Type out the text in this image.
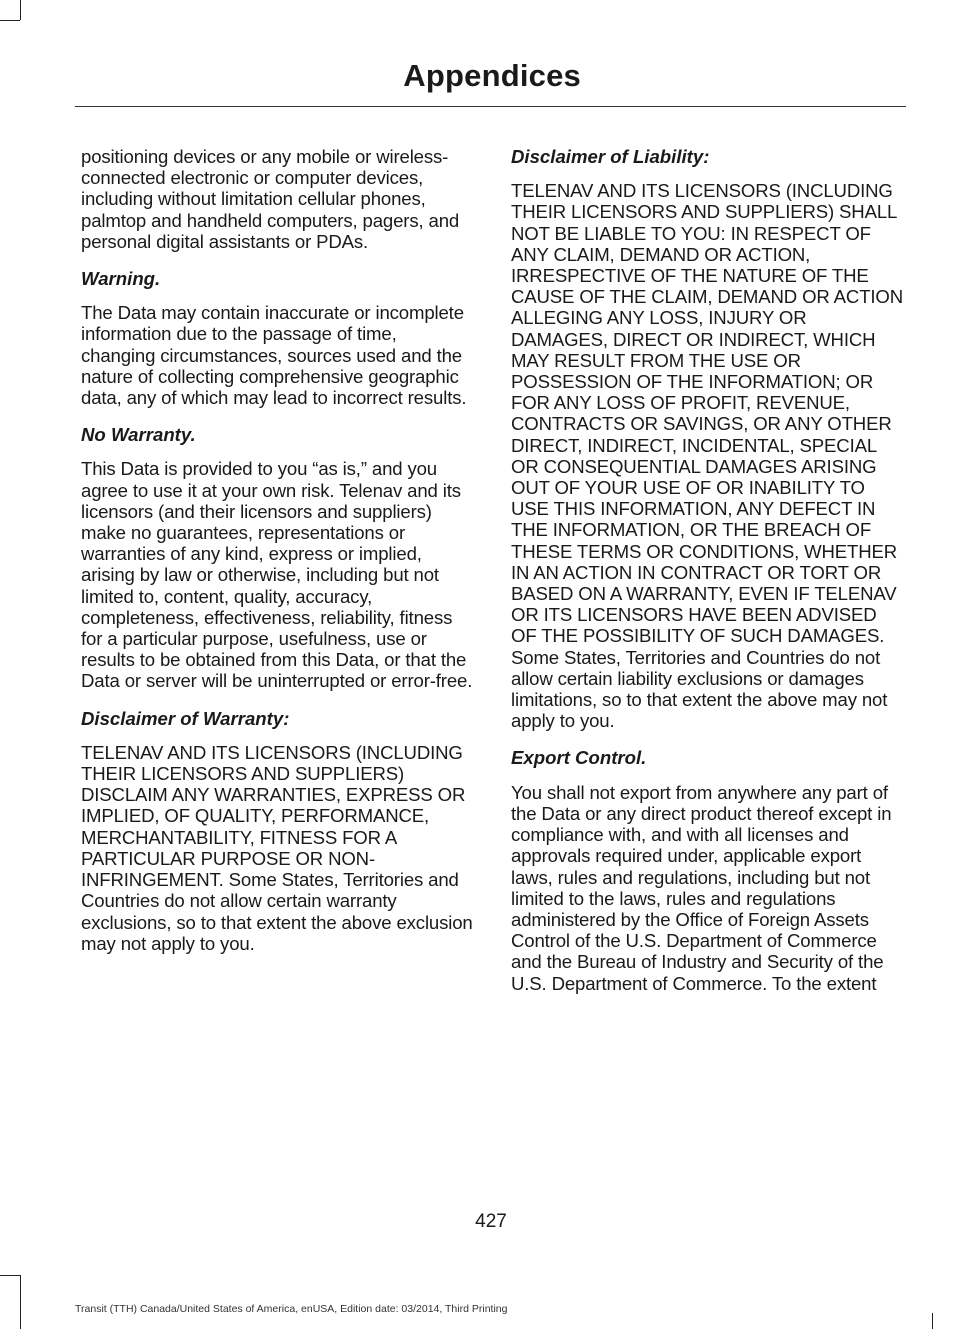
Appendices

positioning devices or any mobile or wireless-connected electronic or computer devices, including without limitation cellular phones, palmtop and handheld computers, pagers, and personal digital assistants or PDAs.

Warning.

The Data may contain inaccurate or incomplete information due to the passage of time, changing circumstances, sources used and the nature of collecting comprehensive geographic data, any of which may lead to incorrect results.

No Warranty.

This Data is provided to you “as is,” and you agree to use it at your own risk. Telenav and its licensors (and their licensors and suppliers) make no guarantees, representations or warranties of any kind, express or implied, arising by law or otherwise, including but not limited to, content, quality, accuracy, completeness, effectiveness, reliability, fitness for a particular purpose, usefulness, use or results to be obtained from this Data, or that the Data or server will be uninterrupted or error-free.

Disclaimer of Warranty:

TELENAV AND ITS LICENSORS (INCLUDING THEIR LICENSORS AND SUPPLIERS) DISCLAIM ANY WARRANTIES, EXPRESS OR IMPLIED, OF QUALITY, PERFORMANCE, MERCHANTABILITY, FITNESS FOR A PARTICULAR PURPOSE OR NON-INFRINGEMENT. Some States, Territories and Countries do not allow certain warranty exclusions, so to that extent the above exclusion may not apply to you.

Disclaimer of Liability:

TELENAV AND ITS LICENSORS (INCLUDING THEIR LICENSORS AND SUPPLIERS) SHALL NOT BE LIABLE TO YOU: IN RESPECT OF ANY CLAIM, DEMAND OR ACTION, IRRESPECTIVE OF THE NATURE OF THE CAUSE OF THE CLAIM, DEMAND OR ACTION ALLEGING ANY LOSS, INJURY OR DAMAGES, DIRECT OR INDIRECT, WHICH MAY RESULT FROM THE USE OR POSSESSION OF THE INFORMATION; OR FOR ANY LOSS OF PROFIT, REVENUE, CONTRACTS OR SAVINGS, OR ANY OTHER DIRECT, INDIRECT, INCIDENTAL, SPECIAL OR CONSEQUENTIAL DAMAGES ARISING OUT OF YOUR USE OF OR INABILITY TO USE THIS INFORMATION, ANY DEFECT IN THE INFORMATION, OR THE BREACH OF THESE TERMS OR CONDITIONS, WHETHER IN AN ACTION IN CONTRACT OR TORT OR BASED ON A WARRANTY, EVEN IF TELENAV OR ITS LICENSORS HAVE BEEN ADVISED OF THE POSSIBILITY OF SUCH DAMAGES. Some States, Territories and Countries do not allow certain liability exclusions or damages limitations, so to that extent the above may not apply to you.

Export Control.

You shall not export from anywhere any part of the Data or any direct product thereof except in compliance with, and with all licenses and approvals required under, applicable export laws, rules and regulations, including but not limited to the laws, rules and regulations administered by the Office of Foreign Assets Control of the U.S. Department of Commerce and the Bureau of Industry and Security of the U.S. Department of Commerce. To the extent

427
Transit (TTH) Canada/United States of America, enUSA, Edition date: 03/2014, Third Printing
